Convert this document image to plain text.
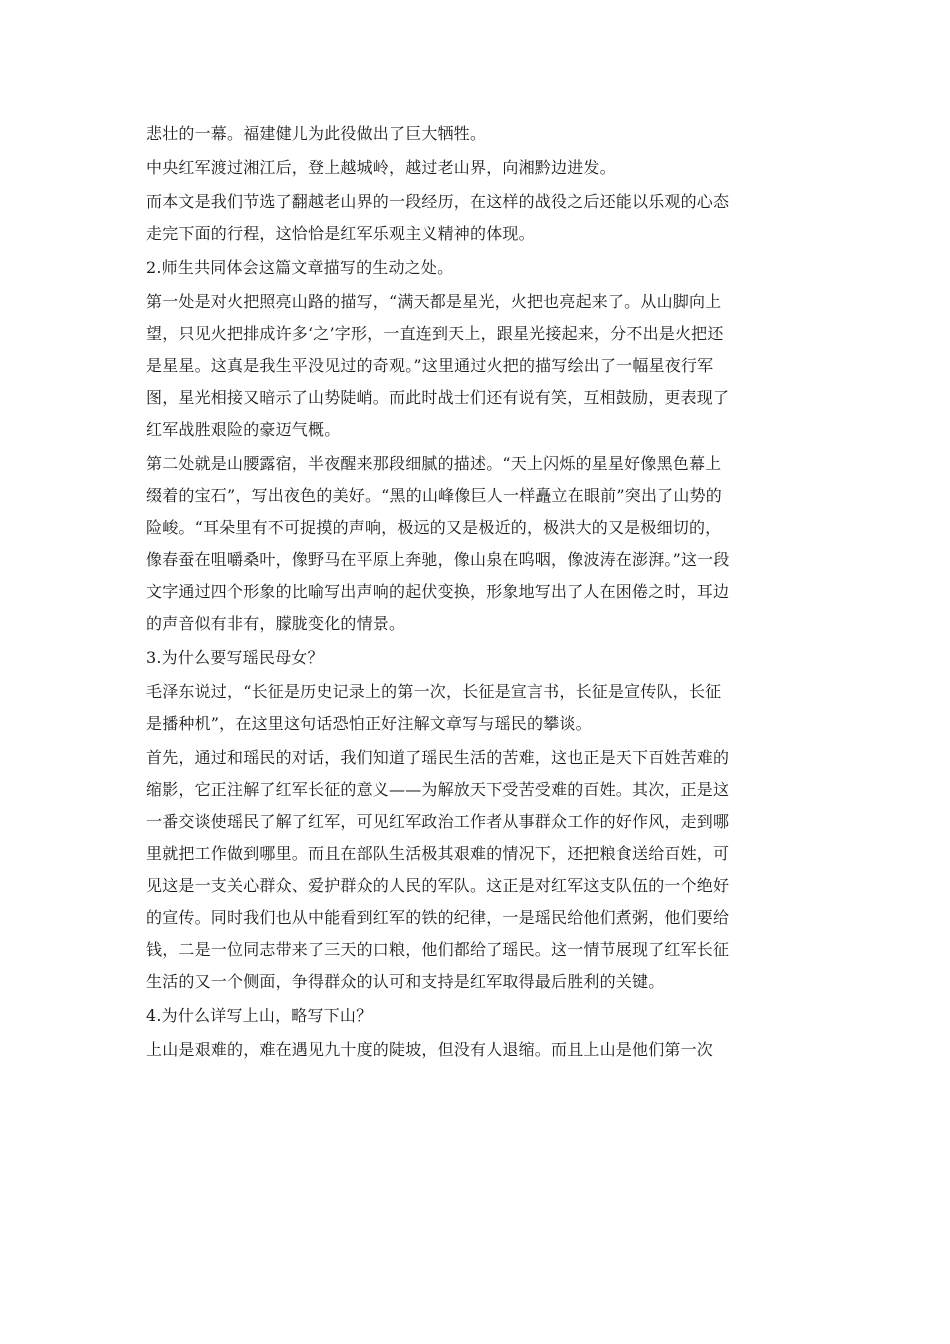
悲壮的一幕。福建健儿为此役做出了巨大牺牲。

中央红军渡过湘江后，登上越城岭，越过老山界，向湘黔边进发。

而本文是我们节选了翻越老山界的一段经历，在这样的战役之后还能以乐观的心态走完下面的行程，这恰恰是红军乐观主义精神的体现。

2.师生共同体会这篇文章描写的生动之处。

第一处是对火把照亮山路的描写，“满天都是星光，火把也亮起来了。从山脚向上望，只见火把排成许多‘之’字形，一直连到天上，跟星光接起来，分不出是火把还是星星。这真是我生平没见过的奇观。”这里通过火把的描写绘出了一幅星夜行军图，星光相接又暗示了山势陡峭。而此时战士们还有说有笑，互相鼓励，更表现了红军战胜艰险的豪迈气概。

第二处就是山腰露宿，半夜醒来那段细腻的描述。“天上闪烁的星星好像黑色幕上缀着的宝石”，写出夜色的美好。“黑的山峰像巨人一样矗立在眼前”突出了山势的险峻。“耳朵里有不可捉摸的声响，极远的又是极近的，极洪大的又是极细切的，像春蚕在咀嚼桑叶，像野马在平原上奔驰，像山泉在呜咽，像波涛在澎湃。”这一段文字通过四个形象的比喻写出声响的起伏变换，形象地写出了人在困倦之时，耳边的声音似有非有，朦胧变化的情景。

3.为什么要写瑶民母女？

毛泽东说过，“长征是历史记录上的第一次，长征是宣言书，长征是宣传队，长征是播种机”，在这里这句话恐怕正好注解文章写与瑶民的攀谈。

首先，通过和瑶民的对话，我们知道了瑶民生活的苦难，这也正是天下百姓苦难的缩影，它正注解了红军长征的意义——为解放天下受苦受难的百姓。其次，正是这一番交谈使瑶民了解了红军，可见红军政治工作者从事群众工作的好作风，走到哪里就把工作做到哪里。而且在部队生活极其艰难的情况下，还把粮食送给百姓，可见这是一支关心群众、爱护群众的人民的军队。这正是对红军这支队伍的一个绝好的宣传。同时我们也从中能看到红军的铁的纪律，一是瑶民给他们煮粥，他们要给钱，二是一位同志带来了三天的口粮，他们都给了瑶民。这一情节展现了红军长征生活的又一个侧面，争得群众的认可和支持是红军取得最后胜利的关键。

4.为什么详写上山，略写下山？

上山是艰难的，难在遇见九十度的陡坡，但没有人退缩。而且上山是他们第一次
